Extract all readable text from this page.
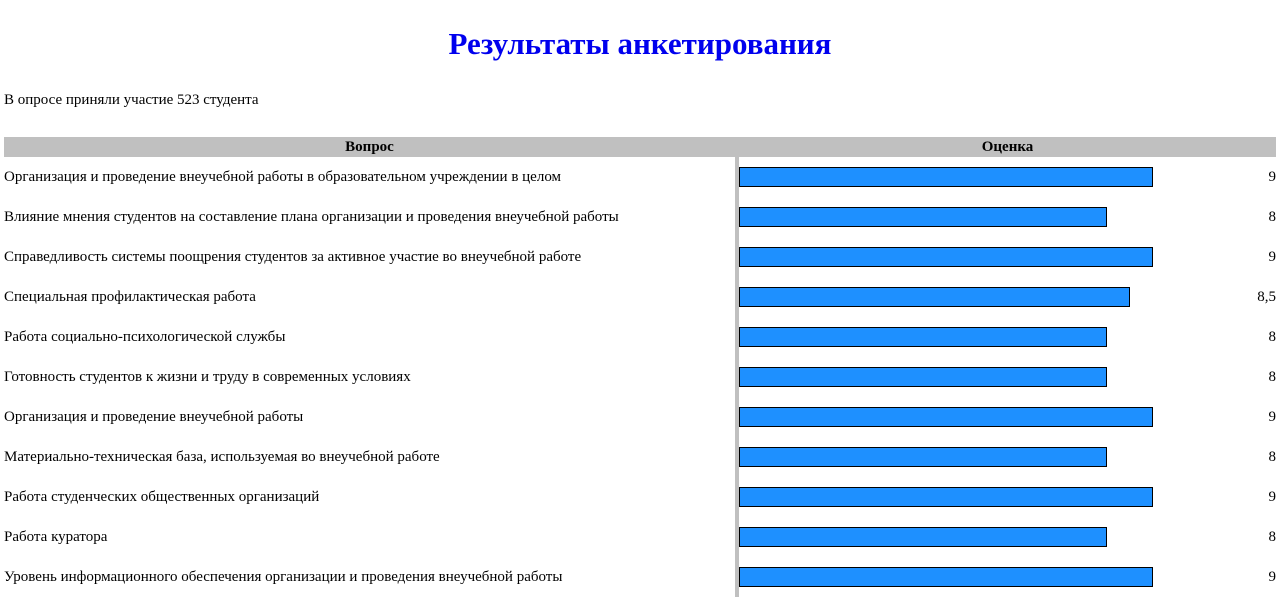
Результаты анкетирования
В опросе приняли участие 523 студента
Вопрос		Оценка	
Организация и проведение внеучебной работы в образовательном учреждении в целом			9
Влияние мнения студентов на составление плана организации и проведения внеучебной работы			8
Справедливость системы поощрения студентов за активное участие во внеучебной работе			9
Специальная профилактическая работа			8,5
Работа социально-психологической службы			8
Готовность студентов к жизни и труду в современных условиях			8
Организация и проведение внеучебной работы			9
Материально-техническая база, используемая во внеучебной работе			8
Работа студенческих общественных организаций			9
Работа куратора			8
Уровень информационного обеспечения организации и проведения внеучебной работы			9
